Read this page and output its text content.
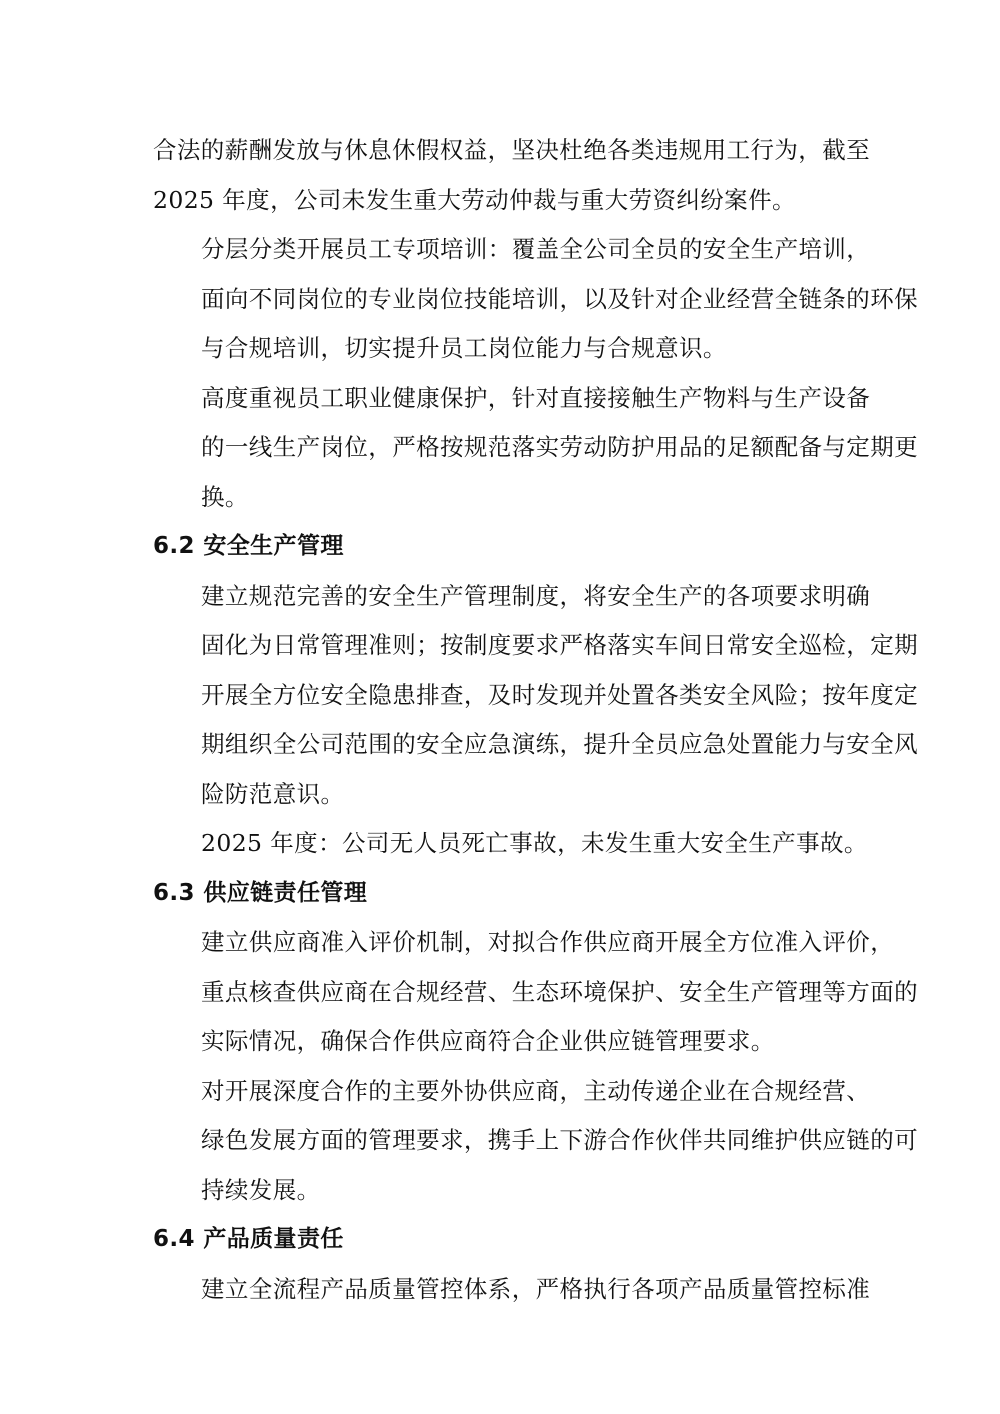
合法的薪酬发放与休息休假权益，坚决杜绝各类违规用工行为，截至
2025 年度，公司未发生重大劳动仲裁与重大劳资纠纷案件。
分层分类开展员工专项培训：覆盖全公司全员的安全生产培训，
面向不同岗位的专业岗位技能培训，以及针对企业经营全链条的环保
与合规培训，切实提升员工岗位能力与合规意识。
高度重视员工职业健康保护，针对直接接触生产物料与生产设备
的一线生产岗位，严格按规范落实劳动防护用品的足额配备与定期更
换。
6.2 安全生产管理
建立规范完善的安全生产管理制度，将安全生产的各项要求明确
固化为日常管理准则；按制度要求严格落实车间日常安全巡检，定期
开展全方位安全隐患排查，及时发现并处置各类安全风险；按年度定
期组织全公司范围的安全应急演练，提升全员应急处置能力与安全风
险防范意识。
2025 年度：公司无人员死亡事故，未发生重大安全生产事故。
6.3 供应链责任管理
建立供应商准入评价机制，对拟合作供应商开展全方位准入评价，
重点核查供应商在合规经营、生态环境保护、安全生产管理等方面的
实际情况，确保合作供应商符合企业供应链管理要求。
对开展深度合作的主要外协供应商，主动传递企业在合规经营、
绿色发展方面的管理要求，携手上下游合作伙伴共同维护供应链的可
持续发展。
6.4 产品质量责任
建立全流程产品质量管控体系，严格执行各项产品质量管控标准
